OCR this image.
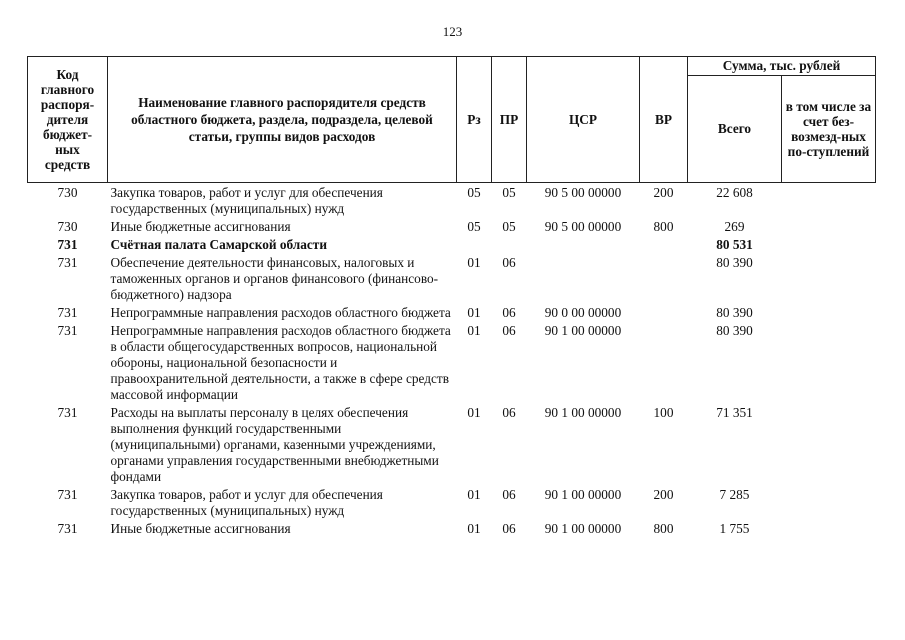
123
Код главного распоря-дителя бюджет-ных средств	Наименование главного распорядителя средств областного бюджета, раздела, подраздела, целевой статьи, группы видов расходов	Рз	ПР	ЦСР	ВР	Сумма, тыс. рублей	
						Всего	в том числе за счет без-возмезд-ных по-ступлений
730	Закупка товаров, работ и услуг для обеспечения государственных (муниципальных) нужд	05	05	90 5 00 00000	200	22 608	
730	Иные бюджетные ассигнования	05	05	90 5 00 00000	800	269	
731	Счётная палата Самарской области					80 531	
731	Обеспечение деятельности финансовых, налоговых и таможенных органов и органов финансового (финансово-бюджетного) надзора	01	06			80 390	
731	Непрограммные направления расходов областного бюджета	01	06	90 0 00 00000		80 390	
731	Непрограммные направления расходов областного бюджета в области общегосударственных вопросов, национальной обороны, национальной безопасности и правоохранительной деятельности, а также в сфере средств массовой информации	01	06	90 1 00 00000		80 390	
731	Расходы на выплаты персоналу в целях обеспечения выполнения функций государственными (муниципальными) органами, казенными учреждениями, органами управления государственными внебюджетными фондами	01	06	90 1 00 00000	100	71 351	
731	Закупка товаров, работ и услуг для обеспечения государственных (муниципальных) нужд	01	06	90 1 00 00000	200	7 285	
731	Иные бюджетные ассигнования	01	06	90 1 00 00000	800	1 755	
